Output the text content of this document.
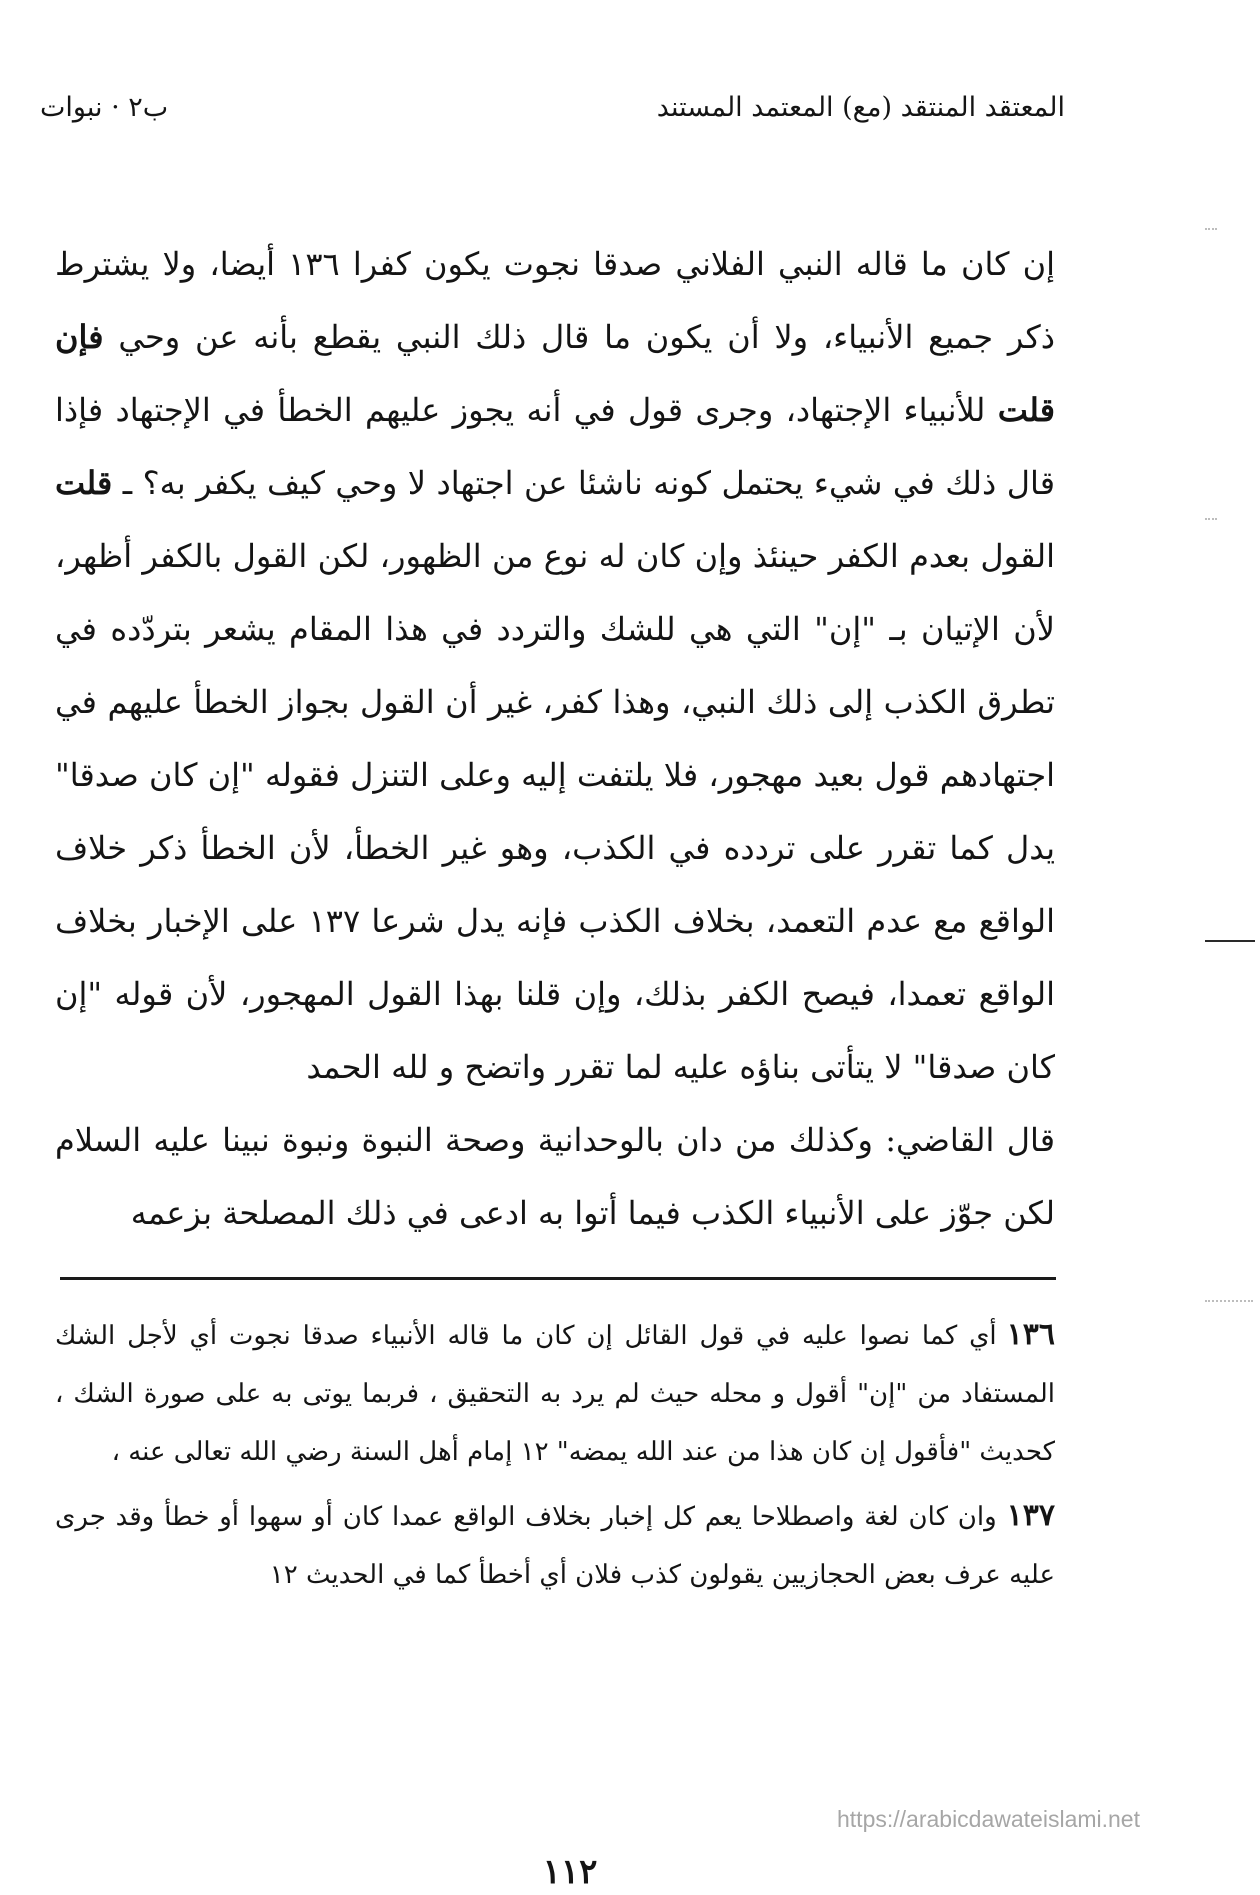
المعتقد المنتقد (مع) المعتمد المستند
ب۲ · نبوات

إن كان ما قاله النبي الفلاني صدقا نجوت يكون كفرا ١٣٦ أيضا، ولا يشترط ذكر جميع الأنبياء، ولا أن يكون ما قال ذلك النبي يقطع بأنه عن وحي فإن قلت للأنبياء الإجتهاد، وجرى قول في أنه يجوز عليهم الخطأ في الإجتهاد فإذا قال ذلك في شيء يحتمل كونه ناشئا عن اجتهاد لا وحي كيف يكفر به؟ ـ قلت القول بعدم الكفر حينئذ وإن كان له نوع من الظهور، لكن القول بالكفر أظهر، لأن الإتيان بـ "إن" التي هي للشك والتردد في هذا المقام يشعر بتردّده في تطرق الكذب إلى ذلك النبي، وهذا كفر، غير أن القول بجواز الخطأ عليهم في اجتهادهم قول بعيد مهجور، فلا يلتفت إليه وعلى التنزل فقوله "إن كان صدقا" يدل كما تقرر على تردده في الكذب، وهو غير الخطأ، لأن الخطأ ذكر خلاف الواقع مع عدم التعمد، بخلاف الكذب فإنه يدل شرعا ١٣٧ على الإخبار بخلاف الواقع تعمدا، فيصح الكفر بذلك، وإن قلنا بهذا القول المهجور، لأن قوله "إن كان صدقا" لا يتأتى بناؤه عليه لما تقرر واتضح و لله الحمد

قال القاضي: وكذلك من دان بالوحدانية وصحة النبوة ونبوة نبينا عليه السلام لكن جوّز على الأنبياء الكذب فيما أتوا به ادعى في ذلك المصلحة بزعمه

١٣٦أي كما نصوا عليه في قول القائل إن كان ما قاله الأنبياء صدقا نجوت أي لأجل الشك المستفاد من "إن" أقول و محله حيث لم يرد به التحقيق ، فربما يوتى به على صورة الشك ، كحديث "فأقول إن كان هذا من عند الله يمضه" ١٢ إمام أهل السنة رضي الله تعالى عنه ،

١٣٧وان كان لغة واصطلاحا يعم كل إخبار بخلاف الواقع عمدا كان أو سهوا أو خطأ وقد جرى عليه عرف بعض الحجازيين يقولون كذب فلان أي أخطأ كما في الحديث ١٢

https://arabicdawateislami.net
١١٢
